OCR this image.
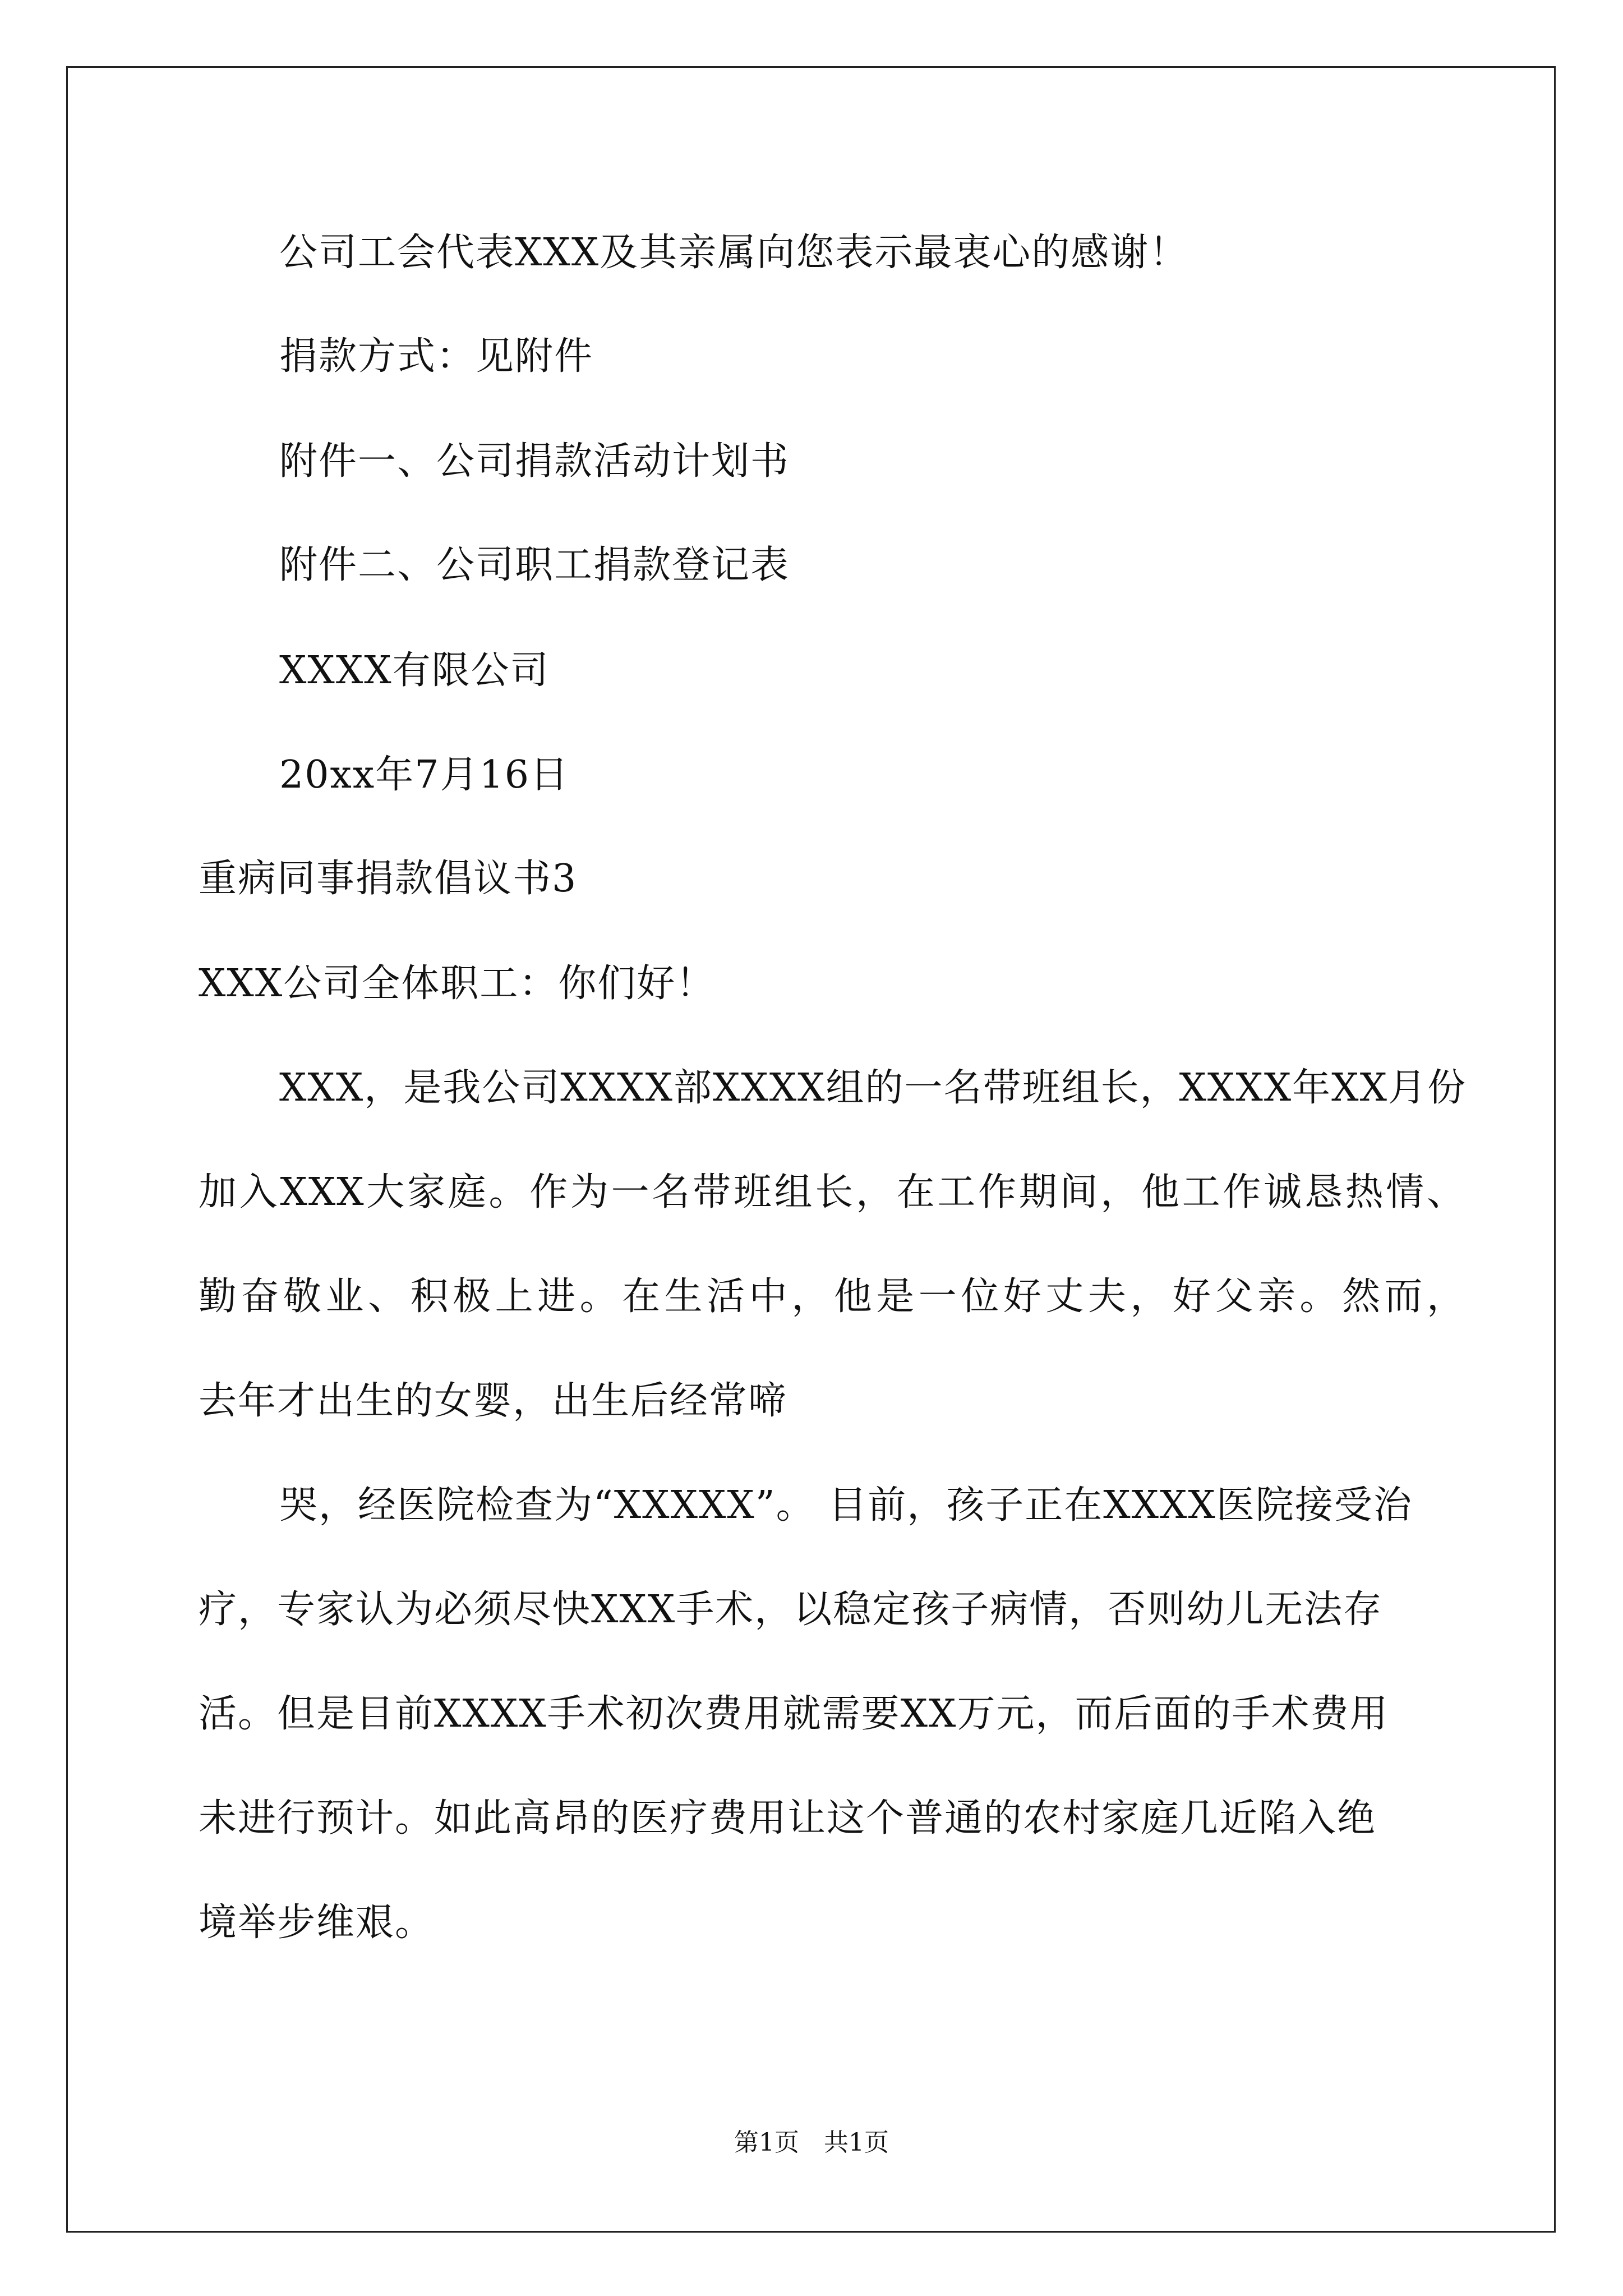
公司工会代表XXX及其亲属向您表示最衷心的感谢！

捐款方式：见附件

附件一、公司捐款活动计划书

附件二、公司职工捐款登记表

XXXX有限公司

20xx年7月16日

重病同事捐款倡议书3

XXX公司全体职工：你们好！

XXX，是我公司XXXX部XXXX组的一名带班组长，XXXX年XX月份

加入XXX大家庭。作为一名带班组长，在工作期间，他工作诚恳热情、

勤奋敬业、积极上进。在生活中，他是一位好丈夫，好父亲。然而，

去年才出生的女婴，出生后经常啼

哭，经医院检查为“XXXXX”。 目前，孩子正在XXXX医院接受治

疗，专家认为必须尽快XXX手术，以稳定孩子病情，否则幼儿无法存

活。但是目前XXXX手术初次费用就需要XX万元，而后面的手术费用

未进行预计。如此高昂的医疗费用让这个普通的农村家庭几近陷入绝

境举步维艰。

第1页　共1页
